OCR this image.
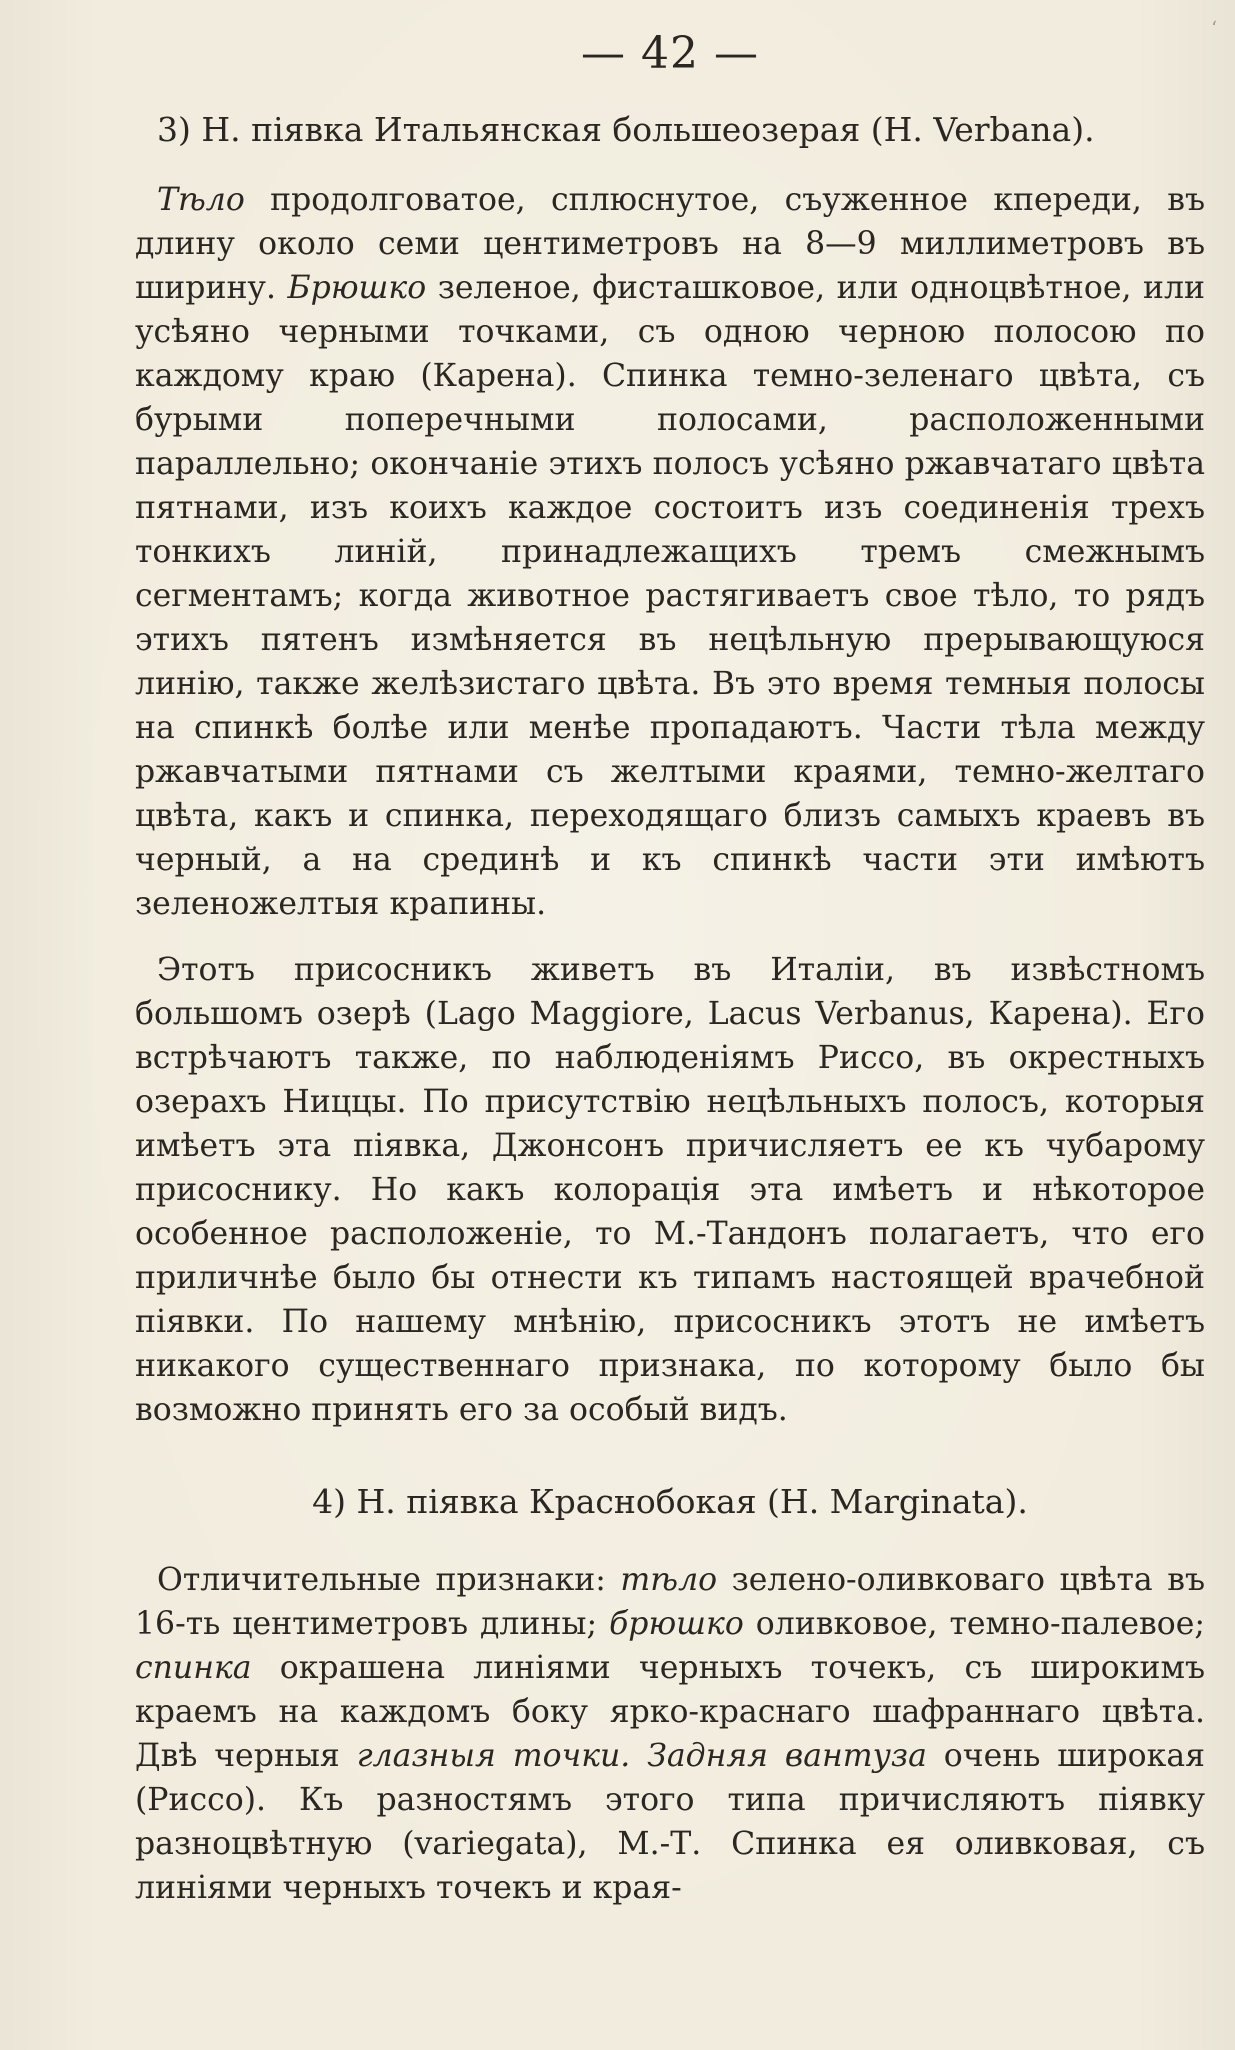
‘
— 42 —
3) Н. піявка Итальянская большеозерая (H. Verbana).

Тѣло продолговатое, сплюснутое, съуженное кпереди, въ длину около семи центиметровъ на 8—9 миллиметровъ въ ширину. Брюшко зеленое, фисташковое, или одноцвѣтное, или усѣяно черными точками, съ одною черною полосою по каждому краю (Карена). Спинка темно-зеленаго цвѣта, съ бурыми поперечными полосами, расположенными параллельно; окончаніе этихъ полосъ усѣяно ржавчатаго цвѣта пятнами, изъ коихъ каждое состоитъ изъ соединенія трехъ тонкихъ линій, принадлежащихъ тремъ смежнымъ сегментамъ; когда животное растягиваетъ свое тѣло, то рядъ этихъ пятенъ измѣняется въ нецѣльную прерывающуюся линію, также желѣзистаго цвѣта. Въ это время темныя полосы на спинкѣ болѣе или менѣе пропадаютъ. Части тѣла между ржавчатыми пятнами съ желтыми краями, темно-желтаго цвѣта, какъ и спинка, переходящаго близъ самыхъ краевъ въ черный, а на срединѣ и къ спинкѣ части эти имѣютъ зеленожелтыя крапины.

Этотъ присосникъ живетъ въ Италіи, въ извѣстномъ большомъ озерѣ (Lago Maggiore, Lacus Verbanus, Карена). Его встрѣчаютъ также, по наблюденіямъ Риссо, въ окрестныхъ озерахъ Ниццы. По присутствію нецѣльныхъ полосъ, которыя имѣетъ эта піявка, Джонсонъ причисляетъ ее къ чубарому присоснику. Но какъ колорація эта имѣетъ и нѣкоторое особенное расположеніе, то М.-Тандонъ полагаетъ, что его приличнѣе было бы отнести къ типамъ настоящей врачебной піявки. По нашему мнѣнію, присосникъ этотъ не имѣетъ никакого существеннаго признака, по которому было бы возможно принять его за особый видъ.

4) Н. піявка Краснобокая (H. Marginata).

Отличительные признаки: тѣло зелено-оливковаго цвѣта въ 16-ть центиметровъ длины; брюшко оливковое, темно-палевое; спинка окрашена линіями черныхъ точекъ, съ широкимъ краемъ на каждомъ боку ярко-краснаго шафраннаго цвѣта. Двѣ черныя глазныя точки. Задняя вантуза очень широкая (Риссо). Къ разностямъ этого типа причисляютъ піявку разноцвѣтную (variegata), М.-Т. Спинка ея оливковая, съ линіями черныхъ точекъ и края-
